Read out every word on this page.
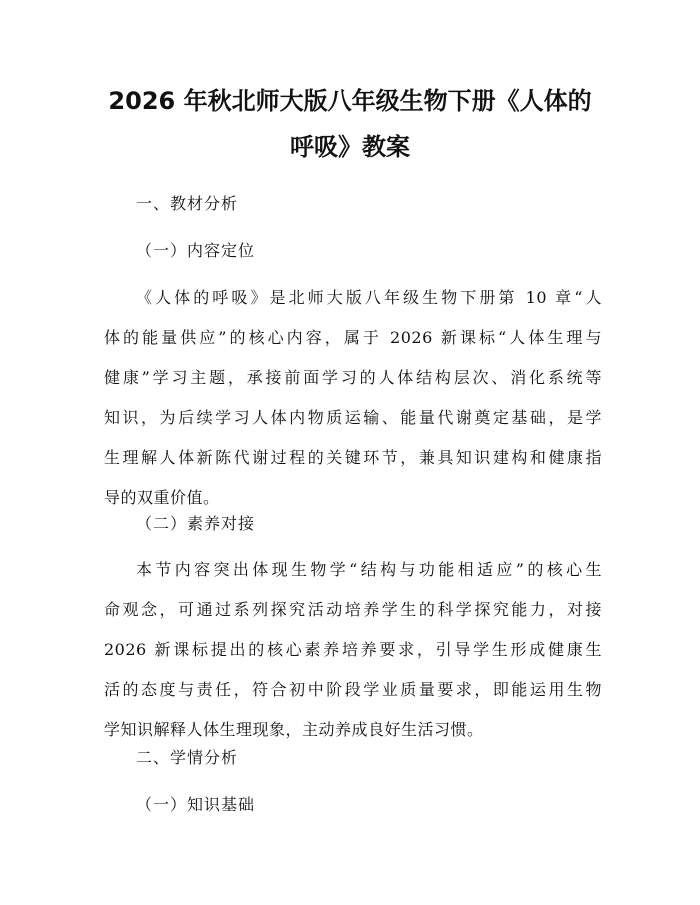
2026 年秋北师大版八年级生物下册《人体的
呼吸》教案
一、教材分析
（一）内容定位
《人体的呼吸》是北师大版八年级生物下册第 10 章“人
体的能量供应”的核心内容，属于 2026 新课标“人体生理与
健康”学习主题，承接前面学习的人体结构层次、消化系统等
知识，为后续学习人体内物质运输、能量代谢奠定基础，是学
生理解人体新陈代谢过程的关键环节，兼具知识建构和健康指
导的双重价值。
（二）素养对接
本节内容突出体现生物学“结构与功能相适应”的核心生
命观念，可通过系列探究活动培养学生的科学探究能力，对接
2026 新课标提出的核心素养培养要求，引导学生形成健康生
活的态度与责任，符合初中阶段学业质量要求，即能运用生物
学知识解释人体生理现象，主动养成良好生活习惯。
二、学情分析
（一）知识基础
